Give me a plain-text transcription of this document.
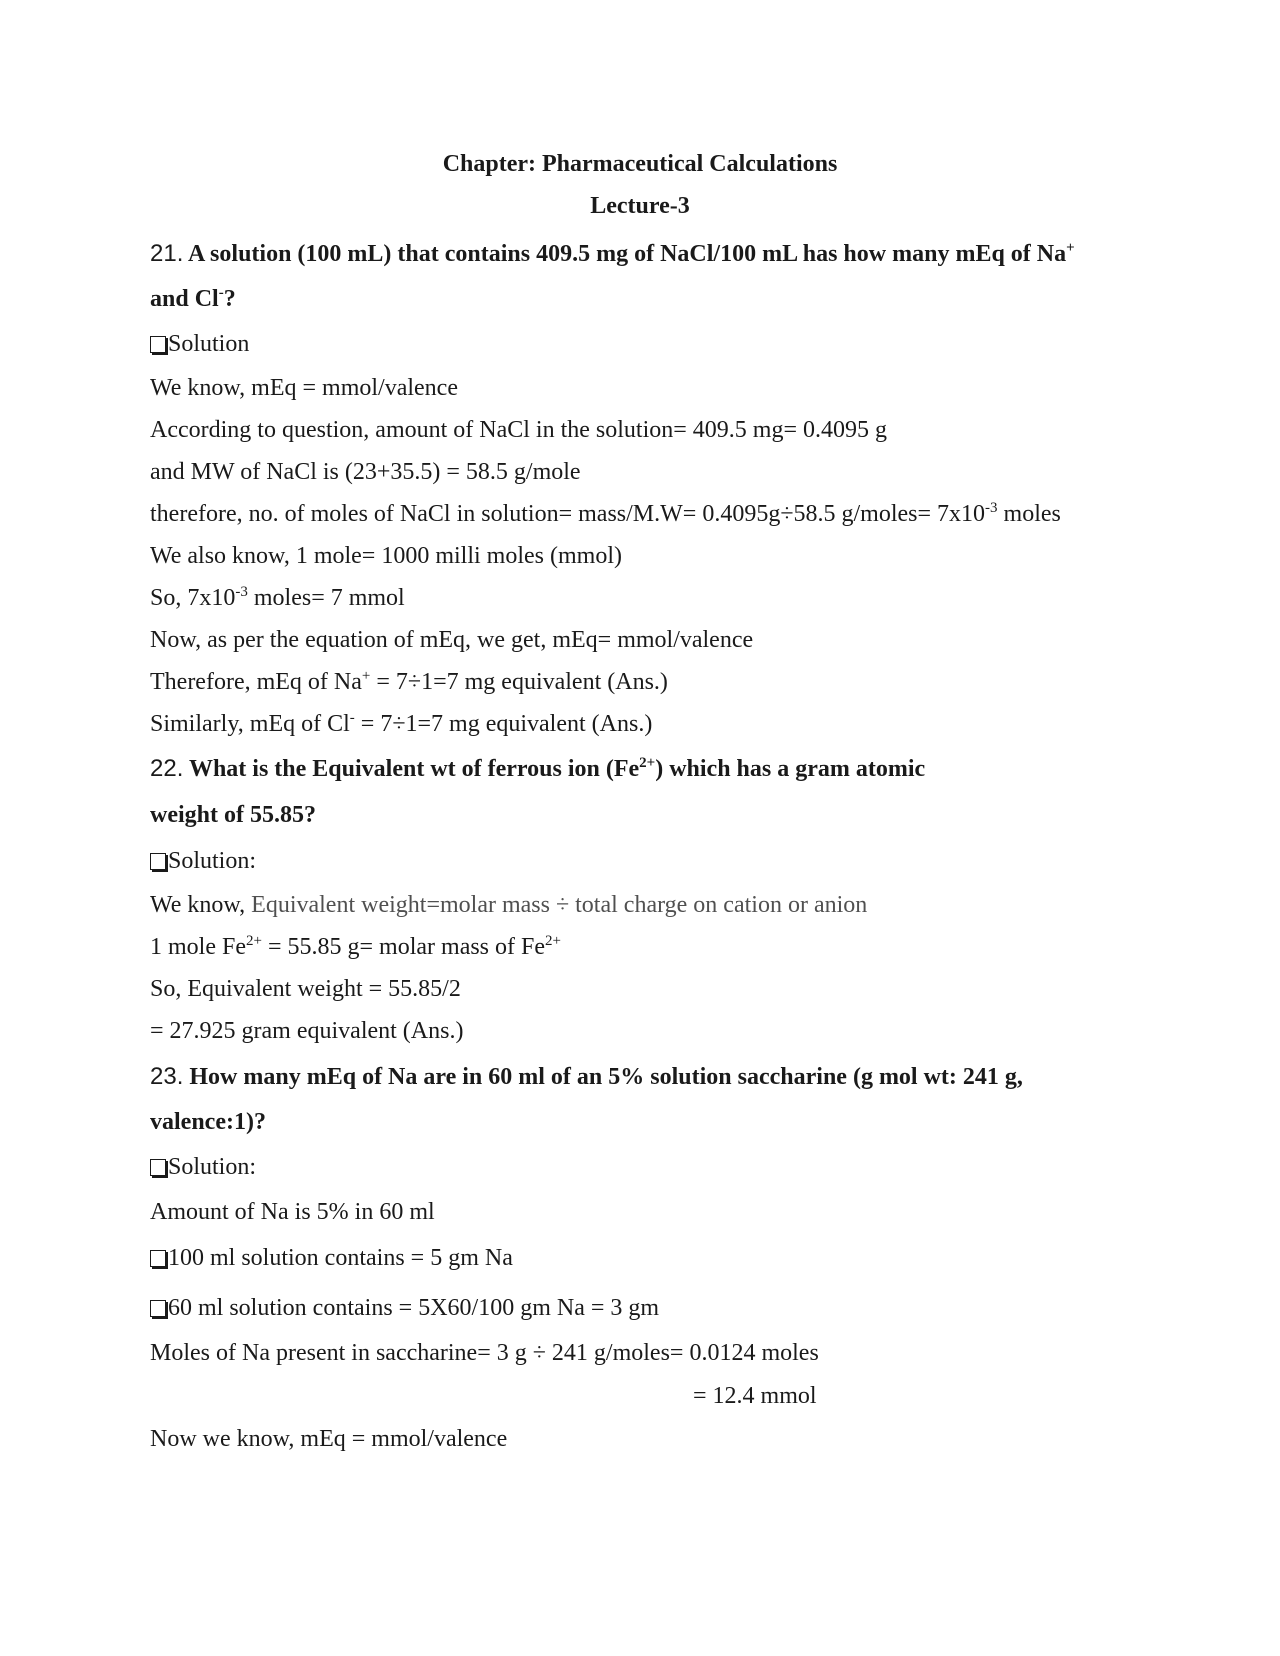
Chapter: Pharmaceutical Calculations
Lecture-3
21. A solution (100 mL) that contains 409.5 mg of NaCl/100 mL has how many mEq of Na+
and Cl-?
Solution
We know, mEq = mmol/valence
According to question, amount of NaCl in the solution= 409.5 mg= 0.4095 g
and MW of NaCl is (23+35.5) = 58.5 g/mole
therefore, no. of moles of NaCl in solution= mass/M.W= 0.4095g÷58.5 g/moles= $7x10^{-3}$ moles
We also know, 1 mole= 1000 milli moles (mmol)
So, $7x10^{-3}$ moles= 7 mmol
Now, as per the equation of mEq, we get, mEq= mmol/valence
Therefore, mEq of Na+ = 7÷1=7 mg equivalent (Ans.)
Similarly, mEq of Cl- = 7÷1=7 mg equivalent (Ans.)
22. What is the Equivalent wt of ferrous ion $(Fe^{2+})$ which has a gram atomic
weight of 55.85?
Solution:
We know, Equivalent weight=molar mass ÷ total charge on cation or anion
1 mole $Fe^{2+} = 55.85$ g= molar mass of $Fe^{2+}$
So, Equivalent weight = 55.85/2
= 27.925 gram equivalent (Ans.)
23. How many mEq of Na are in 60 ml of an 5% solution saccharine (g mol wt: 241 g,
valence:1)?
Solution:
Amount of Na is 5% in 60 ml
100 ml solution contains = 5 gm Na
60 ml solution contains = 5X60/100 gm Na = 3 gm
Moles of Na present in saccharine= 3 g ÷ 241 g/moles= 0.0124 moles
= 12.4 mmol
Now we know, mEq = mmol/valence
